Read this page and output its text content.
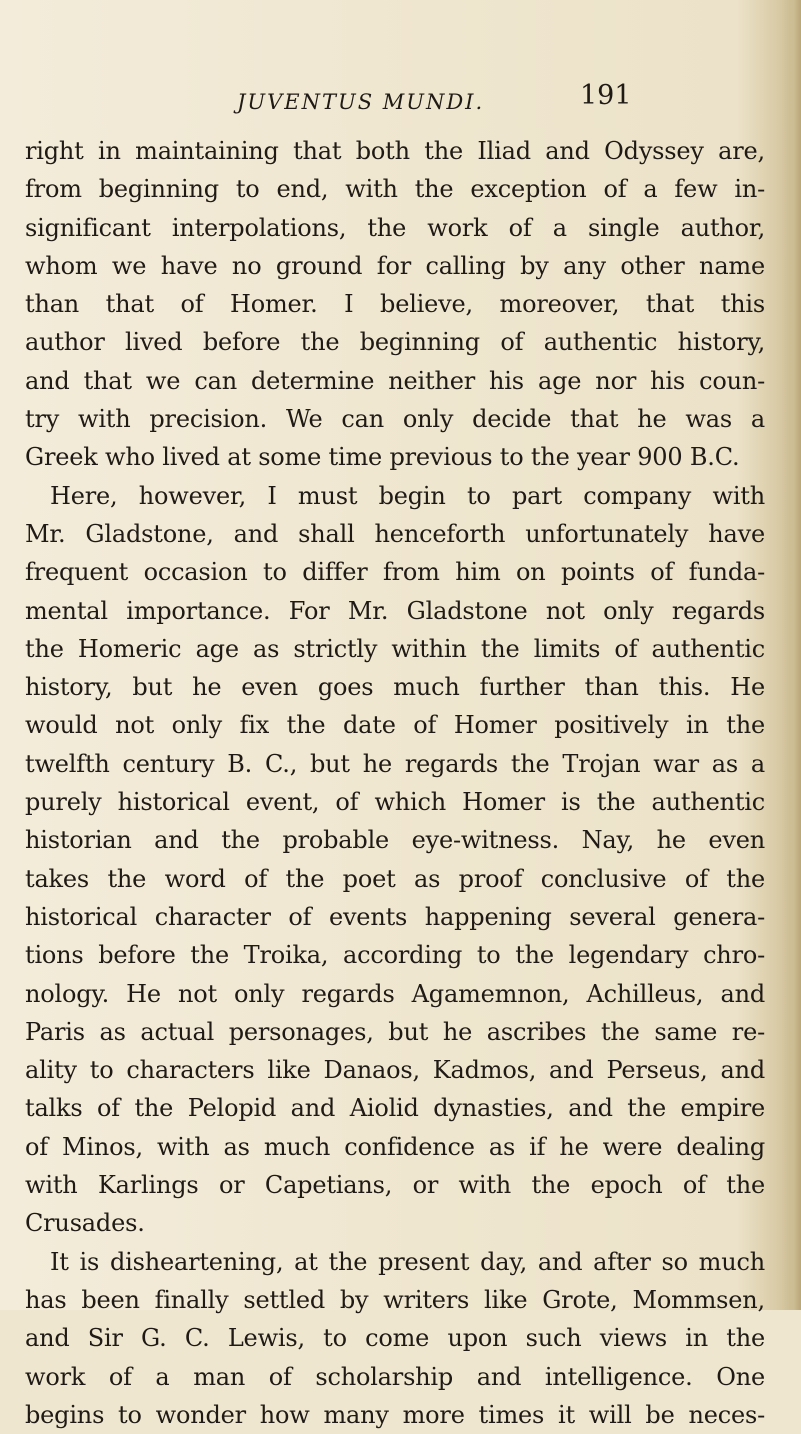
JUVENTUS MUNDI.	191
right in maintaining that both the Iliad and Odyssey are,
from beginning to end, with the exception of a few in-
significant interpolations, the work of a single author,
whom we have no ground for calling by any other name
than that of Homer. I believe, moreover, that this
author lived before the beginning of authentic history,
and that we can determine neither his age nor his coun-
try with precision. We can only decide that he was a
Greek who lived at some time previous to the year 900 B.C.
Here, however, I must begin to part company with
Mr. Gladstone, and shall henceforth unfortunately have
frequent occasion to differ from him on points of funda-
mental importance. For Mr. Gladstone not only regards
the Homeric age as strictly within the limits of authentic
history, but he even goes much further than this. He
would not only fix the date of Homer positively in the
twelfth century B. C., but he regards the Trojan war as a
purely historical event, of which Homer is the authentic
historian and the probable eye-witness. Nay, he even
takes the word of the poet as proof conclusive of the
historical character of events happening several genera-
tions before the Troika, according to the legendary chro-
nology. He not only regards Agamemnon, Achilleus, and
Paris as actual personages, but he ascribes the same re-
ality to characters like Danaos, Kadmos, and Perseus, and
talks of the Pelopid and Aiolid dynasties, and the empire
of Minos, with as much confidence as if he were dealing
with Karlings or Capetians, or with the epoch of the
Crusades.
It is disheartening, at the present day, and after so much
has been finally settled by writers like Grote, Mommsen,
and Sir G. C. Lewis, to come upon such views in the
work of a man of scholarship and intelligence. One
begins to wonder how many more times it will be neces-
